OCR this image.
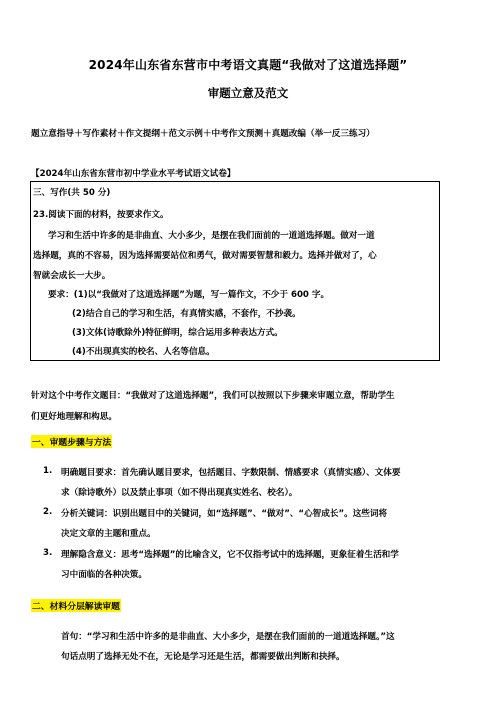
2024年山东省东营市中考语文真题“我做对了这道选择题”
审题立意及范文
题立意指导＋写作素材＋作文提纲＋范文示例＋中考作文预测＋真题改编（举一反三练习）
【2024年山东省东营市初中学业水平考试语文试卷】
三、写作(共 50 分)
23.阅读下面的材料，按要求作文。
学习和生活中许多的是非曲直、大小多少，是摆在我们面前的一道道选择题。做对一道
选择题，真的不容易，因为选择需要站位和勇气，做对需要智慧和毅力。选择并做对了，心
智就会成长一大步。
要求：(1)以“我做对了这道选择题”为题，写一篇作文，不少于 600 字。
(2)结合自己的学习和生活，有真情实感，不套作，不抄袭。
(3)文体(诗歌除外)特征鲜明，综合运用多种表达方式。
(4)不出现真实的校名、人名等信息。
针对这个中考作文题目：“我做对了这道选择题”，我们可以按照以下步骤来审题立意，帮助学生
们更好地理解和构思。
一、审题步骤与方法
1. 明确题目要求：首先确认题目要求，包括题目、字数限制、情感要求（真情实感）、文体要
求（除诗歌外）以及禁止事项（如不得出现真实姓名、校名）。
2. 分析关键词：识别出题目中的关键词，如“选择题”、“做对”、“心智成长”。这些词将
决定文章的主题和重点。
3. 理解隐含意义：思考“选择题”的比喻含义，它不仅指考试中的选择题，更象征着生活和学
习中面临的各种决策。
二、材料分层解读审题
首句：“学习和生活中许多的是非曲直、大小多少，是摆在我们面前的一道道选择题。”这
句话点明了选择无处不在，无论是学习还是生活，都需要做出判断和抉择。
